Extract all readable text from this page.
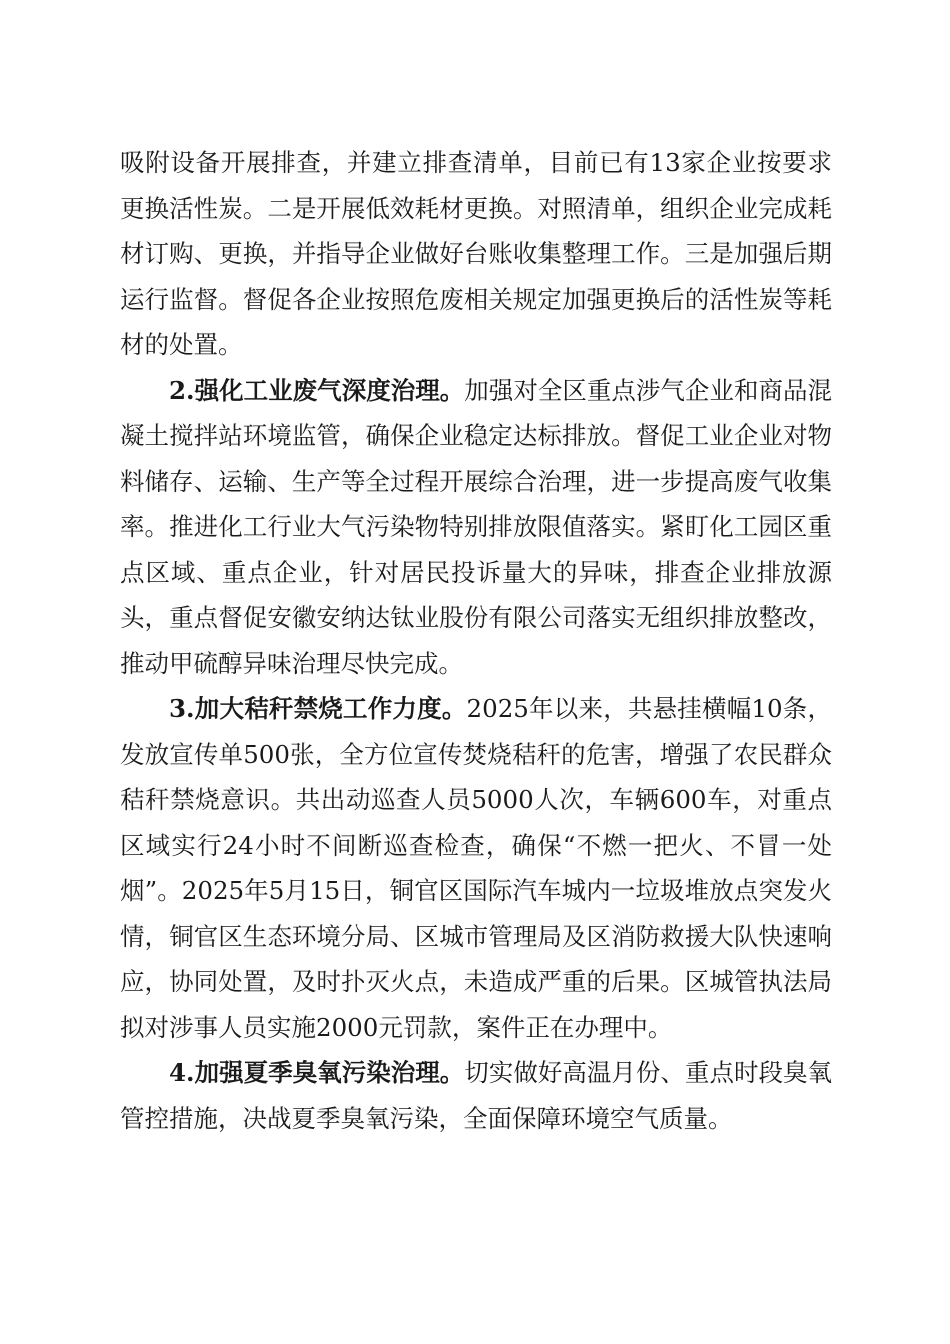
吸附设备开展排查，并建立排查清单，目前已有13家企业按要求更换活性炭。二是开展低效耗材更换。对照清单，组织企业完成耗材订购、更换，并指导企业做好台账收集整理工作。三是加强后期运行监督。督促各企业按照危废相关规定加强更换后的活性炭等耗材的处置。

2.强化工业废气深度治理。加强对全区重点涉气企业和商品混凝土搅拌站环境监管，确保企业稳定达标排放。督促工业企业对物料储存、运输、生产等全过程开展综合治理，进一步提高废气收集率。推进化工行业大气污染物特别排放限值落实。紧盯化工园区重点区域、重点企业，针对居民投诉量大的异味，排查企业排放源头，重点督促安徽安纳达钛业股份有限公司落实无组织排放整改，推动甲硫醇异味治理尽快完成。

3.加大秸秆禁烧工作力度。2025年以来，共悬挂横幅10条，发放宣传单500张，全方位宣传焚烧秸秆的危害，增强了农民群众秸秆禁烧意识。共出动巡查人员5000人次，车辆600车，对重点区域实行24小时不间断巡查检查，确保“不燃一把火、不冒一处烟”。2025年5月15日，铜官区国际汽车城内一垃圾堆放点突发火情，铜官区生态环境分局、区城市管理局及区消防救援大队快速响应，协同处置，及时扑灭火点，未造成严重的后果。区城管执法局拟对涉事人员实施2000元罚款，案件正在办理中。

4.加强夏季臭氧污染治理。切实做好高温月份、重点时段臭氧管控措施，决战夏季臭氧污染，全面保障环境空气质量。
